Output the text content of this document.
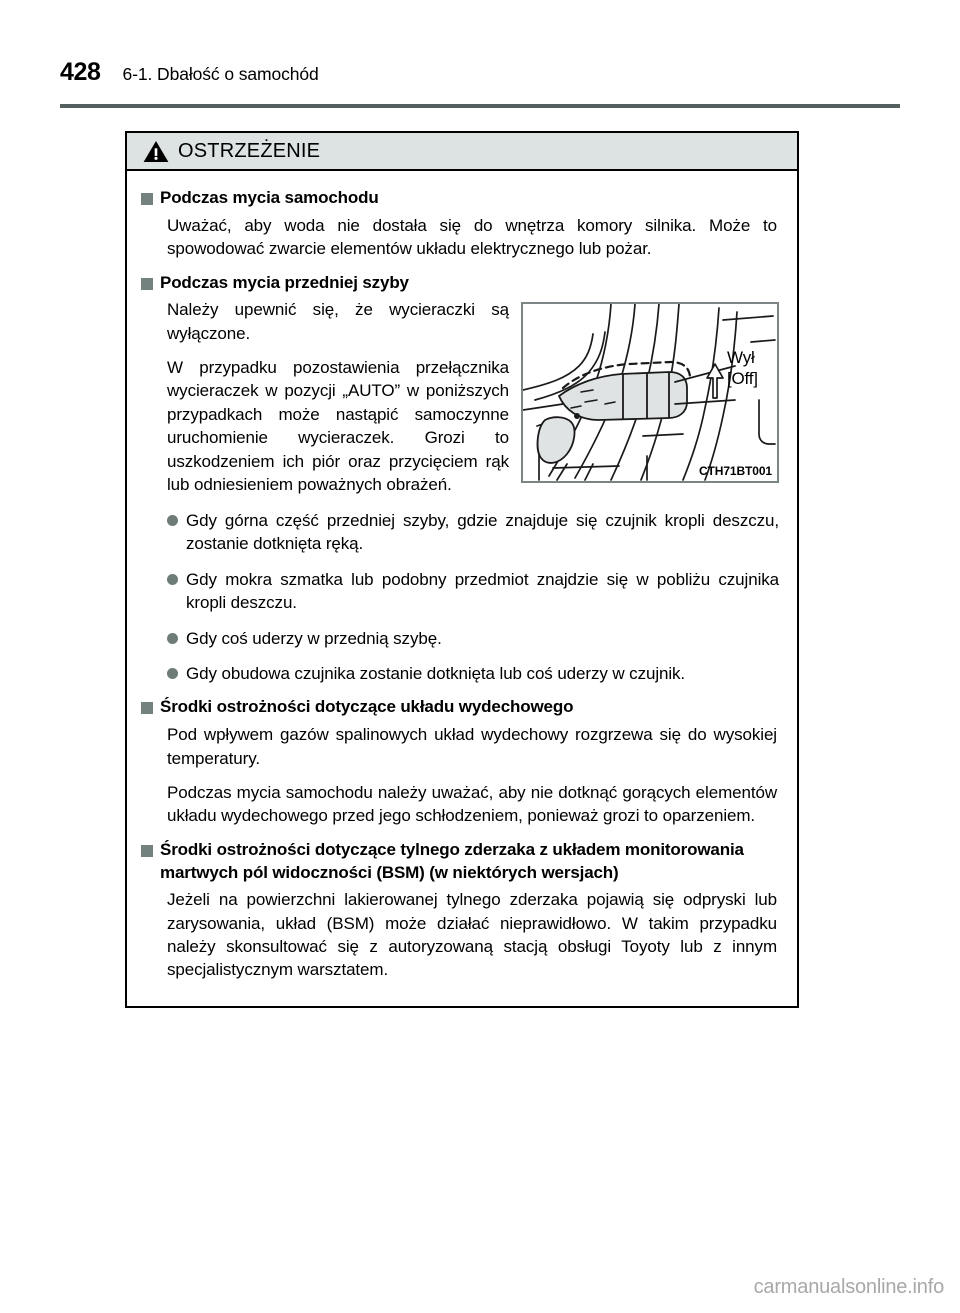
428 6-1. Dbałość o samochód
OSTRZEŻENIE
Podczas mycia samochodu

Uważać, aby woda nie dostała się do wnętrza komory silnika. Może to spowodować zwarcie elementów układu elektrycznego lub pożar.

Podczas mycia przedniej szyby
Wył
[Off]
CTH71BT001

Należy upewnić się, że wycieraczki są wyłączone.

W przypadku pozostawienia przełącznika wycieraczek w pozycji „AUTO” w poniższych przypadkach może nastąpić samoczynne uruchomienie wycieraczek. Grozi to uszkodzeniem ich piór oraz przycięciem rąk lub odniesieniem poważnych obrażeń.

Gdy górna część przedniej szyby, gdzie znajduje się czujnik kropli deszczu, zostanie dotknięta ręką.
Gdy mokra szmatka lub podobny przedmiot znajdzie się w pobliżu czujnika kropli deszczu.
Gdy coś uderzy w przednią szybę.
Gdy obudowa czujnika zostanie dotknięta lub coś uderzy w czujnik.
Środki ostrożności dotyczące układu wydechowego

Pod wpływem gazów spalinowych układ wydechowy rozgrzewa się do wysokiej temperatury.

Podczas mycia samochodu należy uważać, aby nie dotknąć gorących elementów układu wydechowego przed jego schłodzeniem, ponieważ grozi to oparzeniem.

Środki ostrożności dotyczące tylnego zderzaka z układem monitorowania martwych pól widoczności (BSM) (w niektórych wersjach)

Jeżeli na powierzchni lakierowanej tylnego zderzaka pojawią się odpryski lub zarysowania, układ (BSM) może działać nieprawidłowo. W takim przypadku należy skonsultować się z autoryzowaną stacją obsługi Toyoty lub z innym specjalistycznym warsztatem.

carmanualsonline.info
